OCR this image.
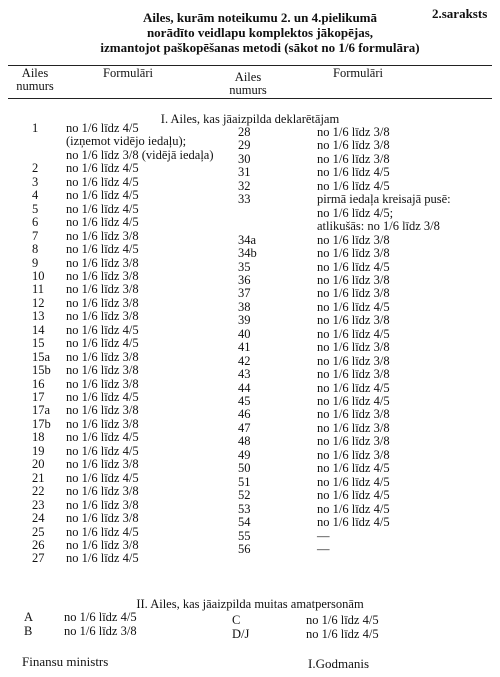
2.saraksts
Ailes, kurām noteikumu 2. un 4.pielikumā
norādīto veidlapu komplektos jākopējas,
izmantojot paškopēšanas metodi (sākot no 1/6 formulāra)
Ailes numurs
Formulāri	Ailes numurs
Formulāri
I. Ailes, kas jāaizpilda deklarētājam
1 no 1/6 līdz 4/5
(izņemot vidējo iedaļu);
no 1/6 līdz 3/8 (vidējā iedaļa)
2 no 1/6 līdz 4/5
3 no 1/6 līdz 4/5
4 no 1/6 līdz 4/5
5 no 1/6 līdz 4/5
6 no 1/6 līdz 4/5
7 no 1/6 līdz 3/8
8 no 1/6 līdz 4/5
9 no 1/6 līdz 3/8
10 no 1/6 līdz 3/8
11 no 1/6 līdz 3/8
12 no 1/6 līdz 3/8
13 no 1/6 līdz 3/8
14 no 1/6 līdz 4/5
15 no 1/6 līdz 4/5
15a no 1/6 līdz 3/8
15b no 1/6 līdz 3/8
16 no 1/6 līdz 3/8
17 no 1/6 līdz 4/5
17a no 1/6 līdz 3/8
17b no 1/6 līdz 3/8
18 no 1/6 līdz 4/5
19 no 1/6 līdz 4/5
20 no 1/6 līdz 3/8
21 no 1/6 līdz 4/5
22 no 1/6 līdz 3/8
23 no 1/6 līdz 3/8
24 no 1/6 līdz 3/8
25 no 1/6 līdz 4/5
26 no 1/6 līdz 3/8
27 no 1/6 līdz 4/5
28	no 1/6 līdz 3/8
29	no 1/6 līdz 3/8
30	no 1/6 līdz 3/8
31	no 1/6 līdz 4/5
32	no 1/6 līdz 4/5
33	pirmā iedaļa kreisajā pusē:
no 1/6 līdz 4/5;
atlikušās: no 1/6 līdz 3/8
34a	no 1/6 līdz 3/8
34b	no 1/6 līdz 3/8
35	no 1/6 līdz 4/5
36	no 1/6 līdz 3/8
37	no 1/6 līdz 3/8
38	no 1/6 līdz 4/5
39	no 1/6 līdz 3/8
40	no 1/6 līdz 4/5
41	no 1/6 līdz 3/8
42	no 1/6 līdz 3/8
43	no 1/6 līdz 3/8
44	no 1/6 līdz 4/5
45	no 1/6 līdz 4/5
46	no 1/6 līdz 3/8
47	no 1/6 līdz 3/8
48	no 1/6 līdz 3/8
49	no 1/6 līdz 3/8
50	no 1/6 līdz 4/5
51	no 1/6 līdz 4/5
52	no 1/6 līdz 4/5
53	no 1/6 līdz 4/5
54	no 1/6 līdz 4/5
55	—
56	—
II. Ailes, kas jāaizpilda muitas amatpersonām
A no 1/6 līdz 4/5
B	no 1/6 līdz 3/8
C	no 1/6 līdz 4/5
D/J	no 1/6 līdz 4/5
Finansu ministrs	I.Godmanis
